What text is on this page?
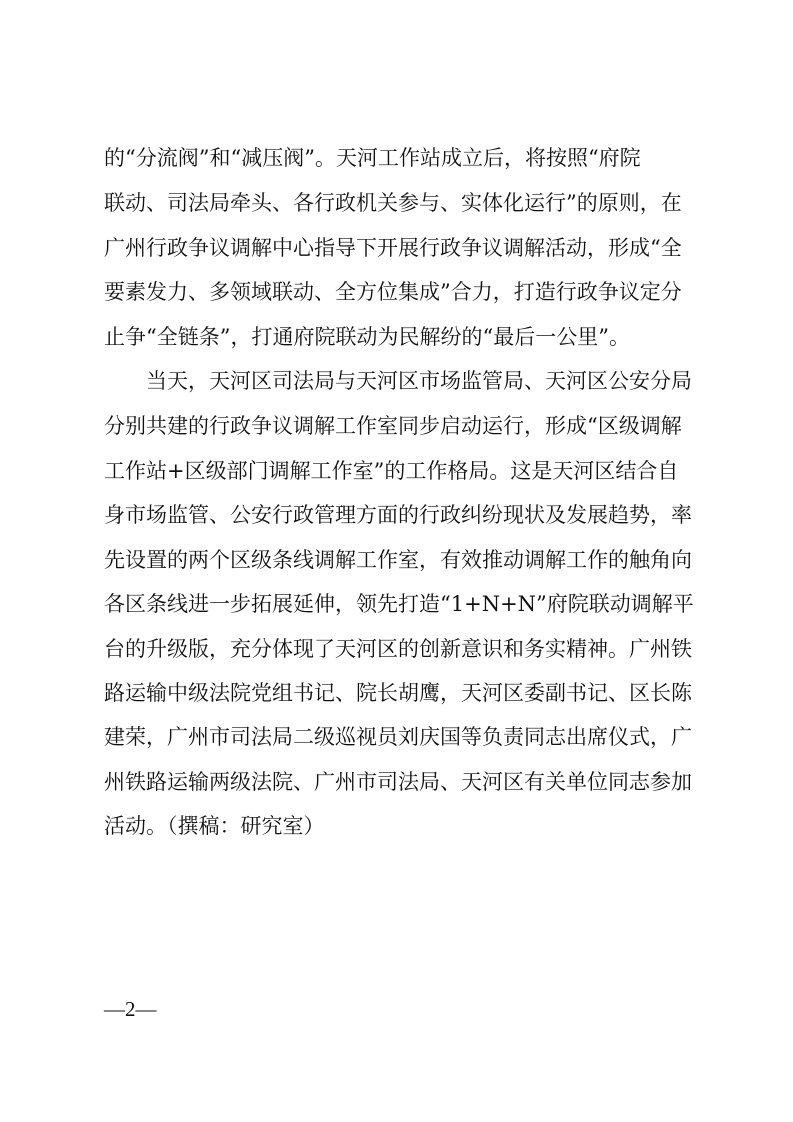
的“分流阀”和“减压阀”。天河工作站成立后，将按照“府院
联动、司法局牵头、各行政机关参与、实体化运行”的原则，在
广州行政争议调解中心指导下开展行政争议调解活动，形成“全
要素发力、多领域联动、全方位集成”合力，打造行政争议定分
止争“全链条”，打通府院联动为民解纷的“最后一公里”。
当天，天河区司法局与天河区市场监管局、天河区公安分局
分别共建的行政争议调解工作室同步启动运行，形成“区级调解
工作站+区级部门调解工作室”的工作格局。这是天河区结合自
身市场监管、公安行政管理方面的行政纠纷现状及发展趋势，率
先设置的两个区级条线调解工作室，有效推动调解工作的触角向
各区条线进一步拓展延伸，领先打造“1+N+N”府院联动调解平
台的升级版，充分体现了天河区的创新意识和务实精神。广州铁
路运输中级法院党组书记、院长胡鹰，天河区委副书记、区长陈
建荣，广州市司法局二级巡视员刘庆国等负责同志出席仪式，广
州铁路运输两级法院、广州市司法局、天河区有关单位同志参加
活动。（撰稿：研究室）
—2—
